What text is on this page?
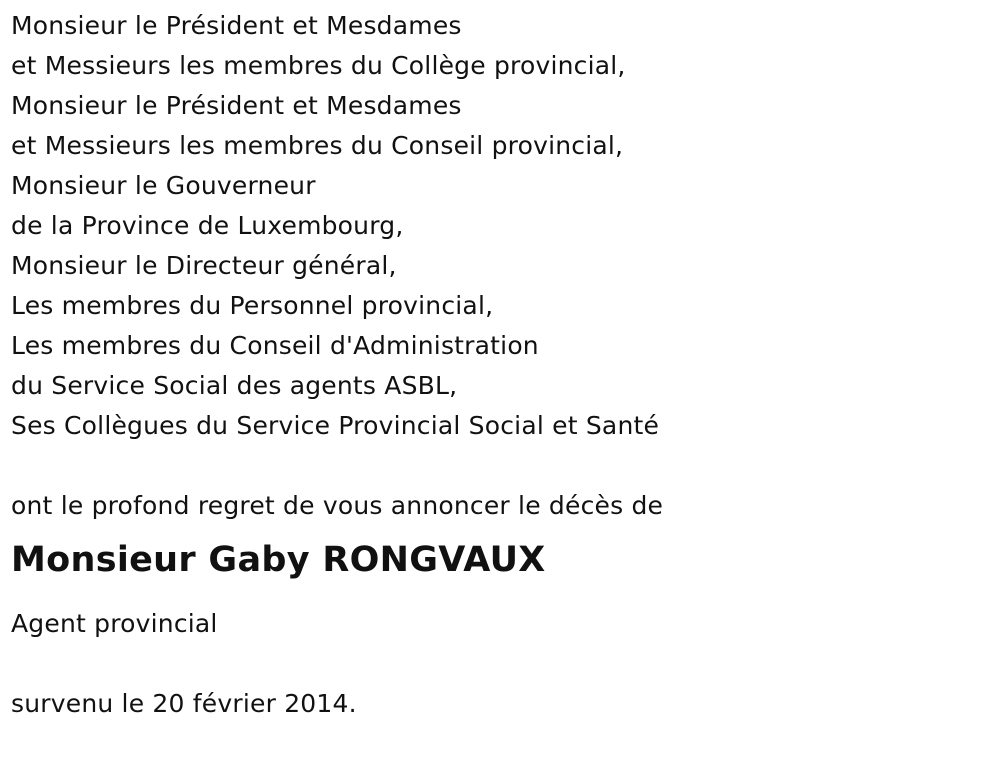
Monsieur le Président et Mesdames
et Messieurs les membres du Collège provincial,
Monsieur le Président et Mesdames
et Messieurs les membres du Conseil provincial,
Monsieur le Gouverneur
de la Province de Luxembourg,
Monsieur le Directeur général,
Les membres du Personnel provincial,
Les membres du Conseil d'Administration
du Service Social des agents ASBL,
Ses Collègues du Service Provincial Social et Santé
ont le profond regret de vous annoncer le décès de
Monsieur Gaby RONGVAUX
Agent provincial
survenu le 20 février 2014.
